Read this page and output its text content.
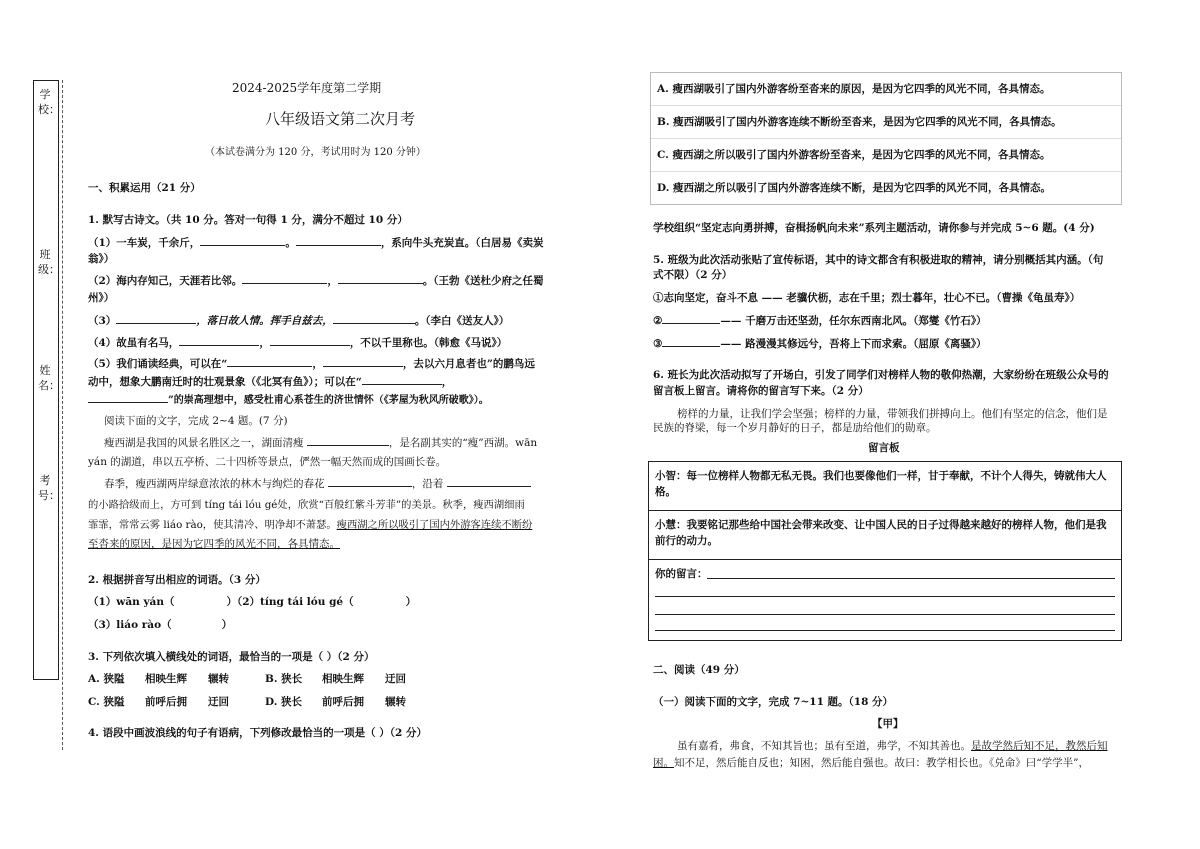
学校：
班级：
姓名：
考号：
2024-2025学年度第二学期
八年级语文第二次月考
（本试卷满分为 120 分，考试用时为 120 分钟）
一、积累运用（21 分）
1. 默写古诗文。（共 10 分。答对一句得 1 分，满分不超过 10 分）
（1）一车炭，千余斤，	。	，系向牛头充炭直。（白居易《卖炭
翁》）
（2）海内存知己，天涯若比邻。	，	。（王勃《送杜少府之任蜀
州》）
（3）	，落日故人情。挥手自兹去，	。（李白《送友人》）
（4）故虽有名马，	，	，不以千里称也。（韩愈《马说》）
（5）我们诵读经典，可以在“	，	，去以六月息者也”的鹏鸟远
动中，想象大鹏南迁时的壮观景象（《北冥有鱼》）；可以在“	，
”的崇高理想中，感受杜甫心系苍生的济世情怀（《茅屋为秋风所破歌》）。
阅读下面的文字，完成 2~4 题。(7 分)
瘦西湖是我国的风景名胜区之一，湖面清瘦	，是名副其实的“瘦”西湖。wān
yán 的湖道，串以五亭桥、二十四桥等景点，俨然一幅天然而成的国画长卷。
春季，瘦西湖两岸绿意浓浓的林木与绚烂的春花	，沿着
的小路拾级而上，方可到 tíng tái lóu gé处，欣赏“百般红紫斗芳菲”的美景。秋季，瘦西湖细雨
霏霏，常常云雾 liáo rào，使其清冷、明净却不萧瑟。瘦西湖之所以吸引了国内外游客连续不断纷
至沓来的原因，是因为它四季的风光不同，各具情态。
2. 根据拼音写出相应的词语。（3 分）
（1）wān yán（	）（2）tíng tái lóu gé（	）
（3）liáo rào（	）
3. 下列依次填入横线处的词语，最恰当的一项是（ ）（2 分）
A. 狭隘 相映生辉 辗转	B. 狭长 相映生辉 迂回
C. 狭隘 前呼后拥 迂回	D. 狭长 前呼后拥 辗转
4. 语段中画波浪线的句子有语病，下列修改最恰当的一项是（ ）（2 分）
A. 瘦西湖吸引了国内外游客纷至沓来的原因，是因为它四季的风光不同，各具情态。
B. 瘦西湖吸引了国内外游客连续不断纷至沓来，是因为它四季的风光不同，各具情态。
C. 瘦西湖之所以吸引了国内外游客纷至沓来，是因为它四季的风光不同，各具情态。
D. 瘦西湖之所以吸引了国内外游客连续不断，是因为它四季的风光不同，各具情态。
学校组织“坚定志向勇拼搏，奋楫扬帆向未来”系列主题活动，请你参与并完成 5~6 题。(4 分)
5. 班级为此次活动张贴了宣传标语，其中的诗文都含有积极进取的精神，请分别概括其内涵。（句
式不限）（2 分）
①志向坚定，奋斗不息 —— 老骥伏枥，志在千里；烈士暮年，壮心不已。（曹操《龟虽寿》）
②	—— 千磨万击还坚劲，任尔东西南北风。（郑燮《竹石》）
③	—— 路漫漫其修远兮，吾将上下而求索。（屈原《离骚》）
6. 班长为此次活动拟写了开场白，引发了同学们对榜样人物的敬仰热潮，大家纷纷在班级公众号的
留言板上留言。请将你的留言写下来。（2 分）
榜样的力量，让我们学会坚强；榜样的力量，带领我们拼搏向上。他们有坚定的信念，他们是
民族的脊梁，每一个岁月静好的日子，都是劢给他们的勋章。
留言板
小智：每一位榜样人物都无私无畏。我们也要像他们一样，甘于奉献，不计个人得失，铸就伟大人
格。
小慧：我要铭记那些给中国社会带来改变、让中国人民的日子过得越来越好的榜样人物，他们是我
前行的动力。
你的留言：
二、阅读（49 分）
（一）阅读下面的文字，完成 7~11 题。（18 分）
【甲】
虽有嘉肴，弗食，不知其旨也；虽有至道，弗学，不知其善也。是故学然后知不足，教然后知
困。知不足，然后能自反也；知困，然后能自强也。故曰：教学相长也。《兑命》曰“学学半”，
